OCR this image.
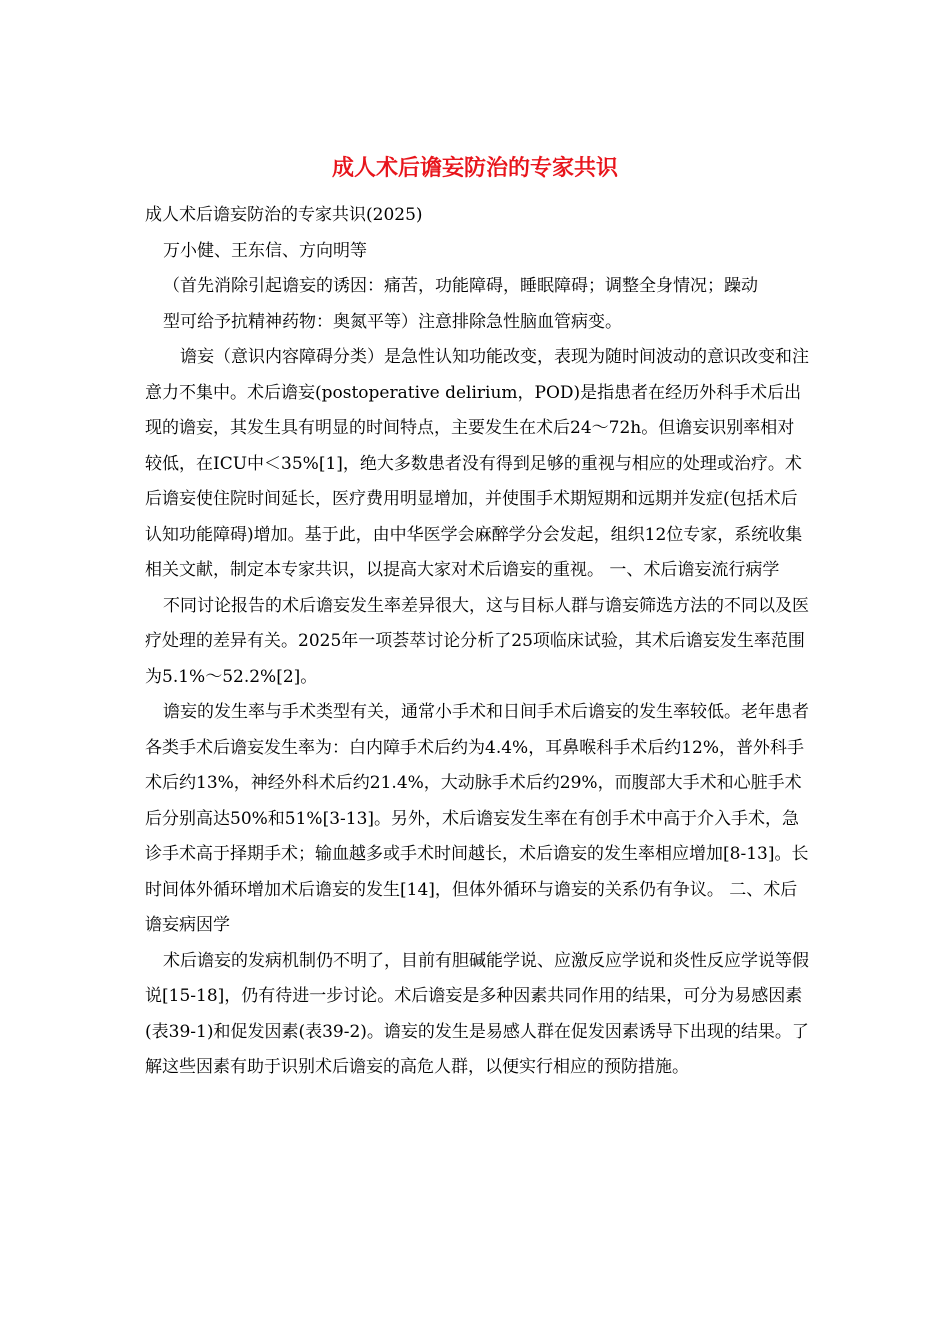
成人术后谵妄防治的专家共识

成人术后谵妄防治的专家共识(2025)

万小健、王东信、方向明等

（首先消除引起谵妄的诱因：痛苦，功能障碍，睡眠障碍；调整全身情况；躁动

型可给予抗精神药物：奥氮平等）注意排除急性脑血管病变。

谵妄（意识内容障碍分类）是急性认知功能改变，表现为随时间波动的意识改变和注意力不集中。术后谵妄(postoperative delirium，POD)是指患者在经历外科手术后出现的谵妄，其发生具有明显的时间特点，主要发生在术后24～72h。但谵妄识别率相对较低，在ICU中＜35%[1]，绝大多数患者没有得到足够的重视与相应的处理或治疗。术后谵妄使住院时间延长，医疗费用明显增加，并使围手术期短期和远期并发症(包括术后认知功能障碍)增加。基于此，由中华医学会麻醉学分会发起，组织12位专家，系统收集相关文献，制定本专家共识，以提高大家对术后谵妄的重视。 一、术后谵妄流行病学

不同讨论报告的术后谵妄发生率差异很大，这与目标人群与谵妄筛选方法的不同以及医疗处理的差异有关。2025年一项荟萃讨论分析了25项临床试验，其术后谵妄发生率范围为5.1%～52.2%[2]。

谵妄的发生率与手术类型有关，通常小手术和日间手术后谵妄的发生率较低。老年患者各类手术后谵妄发生率为：白内障手术后约为4.4%，耳鼻喉科手术后约12%，普外科手术后约13%，神经外科术后约21.4%，大动脉手术后约29%，而腹部大手术和心脏手术后分别高达50%和51%[3-13]。另外，术后谵妄发生率在有创手术中高于介入手术，急诊手术高于择期手术；输血越多或手术时间越长，术后谵妄的发生率相应增加[8-13]。长时间体外循环增加术后谵妄的发生[14]，但体外循环与谵妄的关系仍有争议。 二、术后谵妄病因学

术后谵妄的发病机制仍不明了，目前有胆碱能学说、应激反应学说和炎性反应学说等假说[15-18]，仍有待进一步讨论。术后谵妄是多种因素共同作用的结果，可分为易感因素(表39-1)和促发因素(表39-2)。谵妄的发生是易感人群在促发因素诱导下出现的结果。了解这些因素有助于识别术后谵妄的高危人群，以便实行相应的预防措施。
